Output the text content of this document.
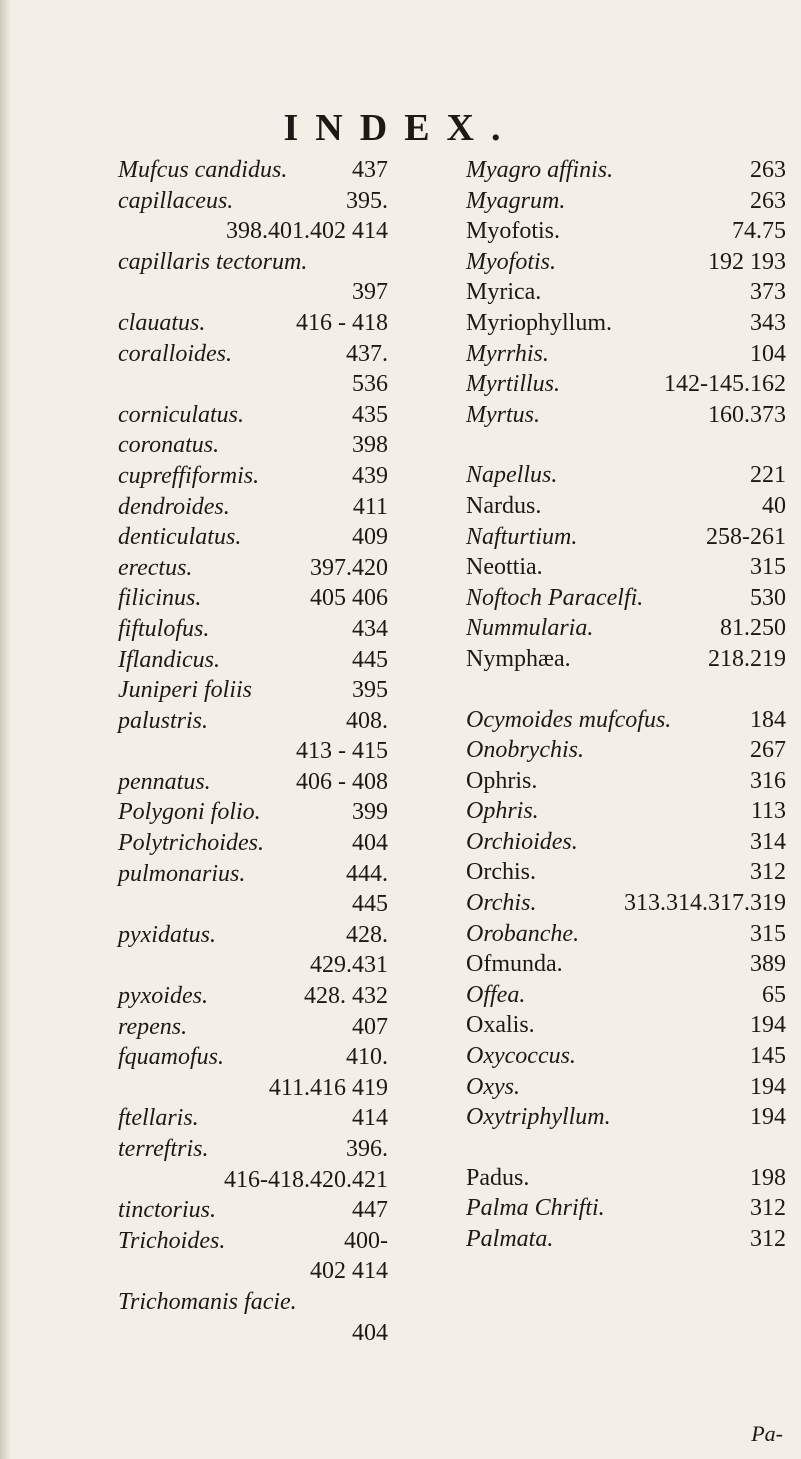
INDEX.
Mufcus candidus.	437
capillaceus.	395.
398.401.402 414

capillaris tectorum.
397

clauatus.	416 - 418
coralloides.	437.
536

corniculatus.	435
coronatus.	398
cupreffiformis.	439
dendroides.	411
denticulatus.	409
erectus.	397.420
filicinus.	405 406
fiftulofus.	434
Iflandicus.	445
Juniperi foliis	395
palustris.	408.
413 - 415

pennatus.	406 - 408
Polygoni folio.	399
Polytrichoides.	404
pulmonarius.	444.
445

pyxidatus.	428.
429.431

pyxoides.	428. 432
repens.	407
fquamofus.	410.
411.416 419

ftellaris.	414
terreftris.	396.
416-418.420.421

tinctorius.	447
Trichoides.	400-
402 414

Trichomanis facie.
404

Myagro affinis.	263
Myagrum.	263
Myofotis.	74.75
Myofotis.	192 193
Myrica.	373
Myriophyllum.	343
Myrrhis.	104
Myrtillus.	142-145.162
Myrtus.	160.373
Napellus.	221
Nardus.	40
Nafturtium.	258-261
Neottia.	315
Noftoch Paracelfi.	530
Nummularia.	81.250
Nymphæa.	218.219
Ocymoides mufcofus.	184
Onobrychis.	267
Ophris.	316
Ophris.	113
Orchioides.	314
Orchis.	312
Orchis.	313.314.317.319
Orobanche.	315
Ofmunda.	389
Offea.	65
Oxalis.	194
Oxycoccus.	145
Oxys.	194
Oxytriphyllum.	194
Padus.	198
Palma Chrifti.	312
Palmata.	312
Pa-
